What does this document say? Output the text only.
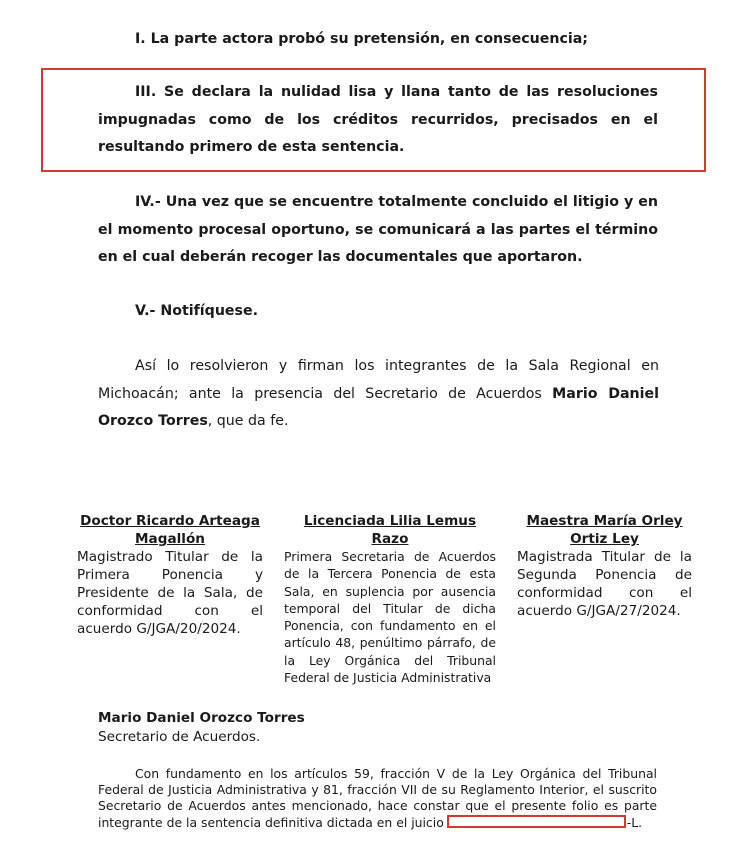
I. La parte actora probó su pretensión, en consecuencia;

III. Se declara la nulidad lisa y llana tanto de las resoluciones impugnadas como de los créditos recurridos, precisados en el resultando primero de esta sentencia.

IV.- Una vez que se encuentre totalmente concluido el litigio y en el momento procesal oportuno, se comunicará a las partes el término en el cual deberán recoger las documentales que aportaron.

V.- Notifíquese.

Así lo resolvieron y firman los integrantes de la Sala Regional en Michoacán; ante la presencia del Secretario de Acuerdos Mario Daniel Orozco Torres, que da fe.

Doctor Ricardo Arteaga Magallón
Magistrado Titular de la Primera Ponencia y Presidente de la Sala, de conformidad con el acuerdo G/JGA/20/2024.
Licenciada Lilia Lemus Razo
Primera Secretaria de Acuerdos de la Tercera Ponencia de esta Sala, en suplencia por ausencia temporal del Titular de dicha Ponencia, con fundamento en el artículo 48, penúltimo párrafo, de la Ley Orgánica del Tribunal Federal de Justicia Administrativa
Maestra María Orley Ortiz Ley
Magistrada Titular de la Segunda Ponencia de conformidad con el acuerdo G/JGA/27/2024.
Mario Daniel Orozco Torres
Secretario de Acuerdos.

Con fundamento en los artículos 59, fracción V de la Ley Orgánica del Tribunal Federal de Justicia Administrativa y 81, fracción VII de su Reglamento Interior, el suscrito Secretario de Acuerdos antes mencionado, hace constar que el presente folio es parte integrante de la sentencia definitiva dictada en el juicio	-L.
